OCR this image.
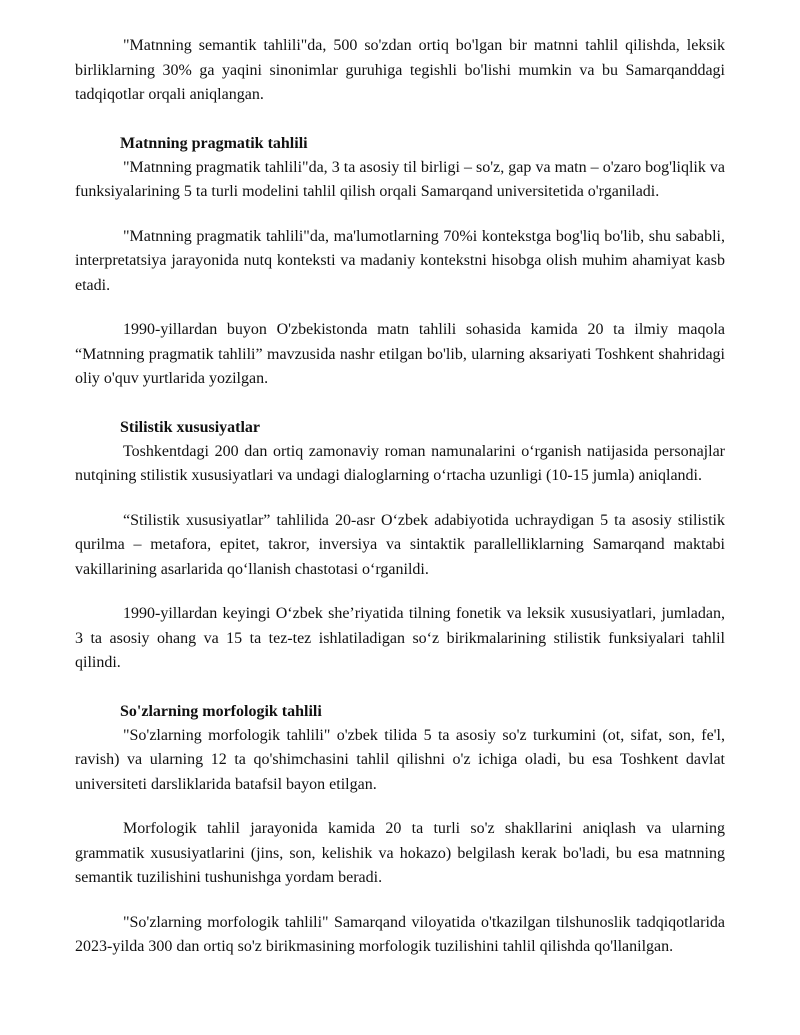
"Matnning semantik tahlili"da, 500 so'zdan ortiq bo'lgan bir matnni tahlil qilishda, leksik birliklarning 30% ga yaqini sinonimlar guruhiga tegishli bo'lishi mumkin va bu Samarqanddagi tadqiqotlar orqali aniqlangan.

Matnning pragmatik tahlili

"Matnning pragmatik tahlili"da, 3 ta asosiy til birligi – so'z, gap va matn – o'zaro bog'liqlik va funksiyalarining 5 ta turli modelini tahlil qilish orqali Samarqand universitetida o'rganiladi.

"Matnning pragmatik tahlili"da, ma'lumotlarning 70%i kontekstga bog'liq bo'lib, shu sababli, interpretatsiya jarayonida nutq konteksti va madaniy kontekstni hisobga olish muhim ahamiyat kasb etadi.

1990-yillardan buyon O'zbekistonda matn tahlili sohasida kamida 20 ta ilmiy maqola “Matnning pragmatik tahlili” mavzusida nashr etilgan bo'lib, ularning aksariyati Toshkent shahridagi oliy o'quv yurtlarida yozilgan.

Stilistik xususiyatlar

Toshkentdagi 200 dan ortiq zamonaviy roman namunalarini oʻrganish natijasida personajlar nutqining stilistik xususiyatlari va undagi dialoglarning oʻrtacha uzunligi (10-15 jumla) aniqlandi.

“Stilistik xususiyatlar” tahlilida 20-asr Oʻzbek adabiyotida uchraydigan 5 ta asosiy stilistik qurilma – metafora, epitet, takror, inversiya va sintaktik parallelliklarning Samarqand maktabi vakillarining asarlarida qoʻllanish chastotasi oʻrganildi.

1990-yillardan keyingi Oʻzbek sheʼriyatida tilning fonetik va leksik xususiyatlari, jumladan, 3 ta asosiy ohang va 15 ta tez-tez ishlatiladigan soʻz birikmalarining stilistik funksiyalari tahlil qilindi.

So'zlarning morfologik tahlili

"So'zlarning morfologik tahlili" o'zbek tilida 5 ta asosiy so'z turkumini (ot, sifat, son, fe'l, ravish) va ularning 12 ta qo'shimchasini tahlil qilishni o'z ichiga oladi, bu esa Toshkent davlat universiteti darsliklarida batafsil bayon etilgan.

Morfologik tahlil jarayonida kamida 20 ta turli so'z shakllarini aniqlash va ularning grammatik xususiyatlarini (jins, son, kelishik va hokazo) belgilash kerak bo'ladi, bu esa matnning semantik tuzilishini tushunishga yordam beradi.

"So'zlarning morfologik tahlili" Samarqand viloyatida o'tkazilgan tilshunoslik tadqiqotlarida 2023-yilda 300 dan ortiq so'z birikmasining morfologik tuzilishini tahlil qilishda qo'llanilgan.
